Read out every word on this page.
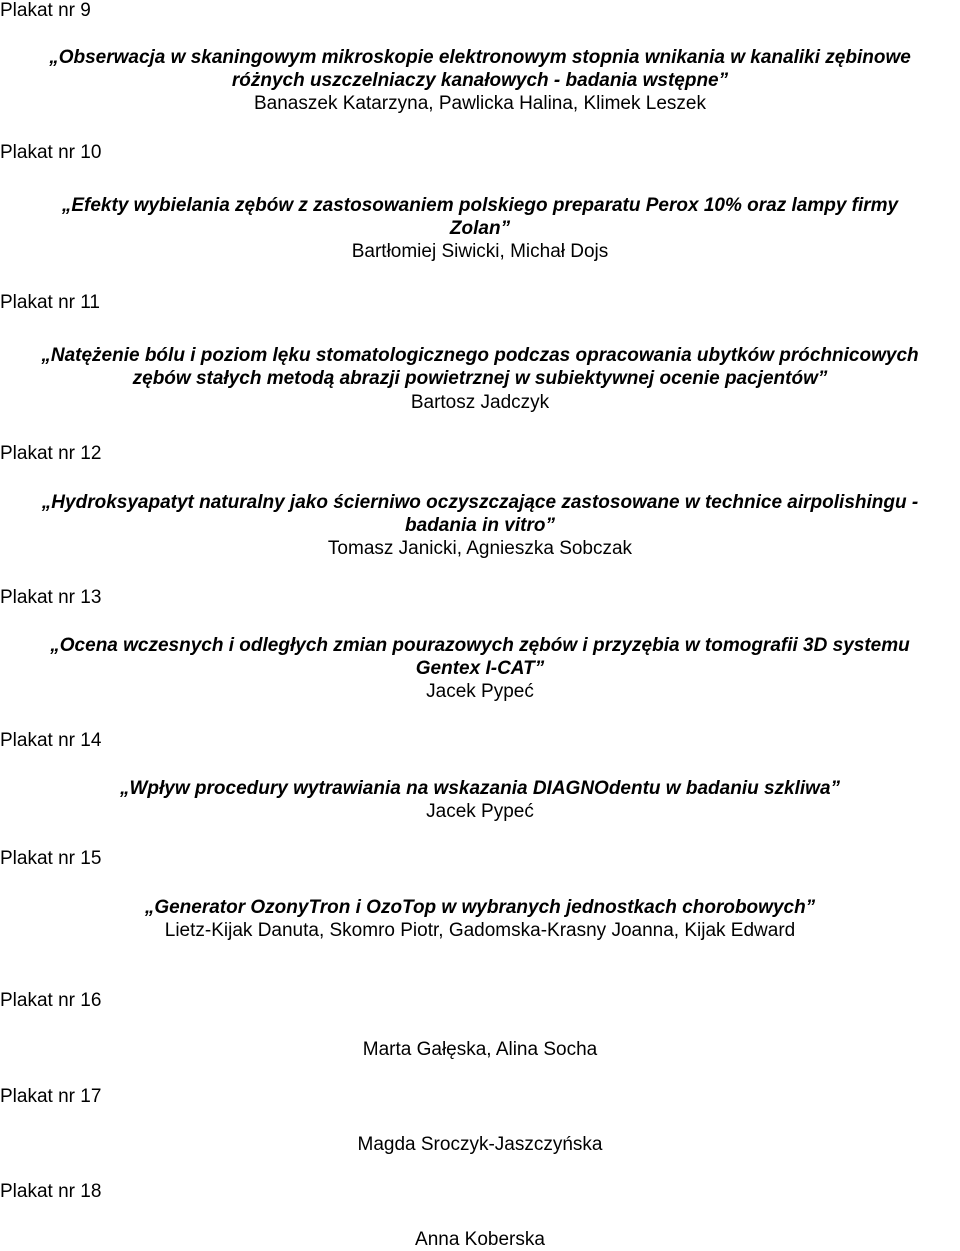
Plakat nr 9
„Obserwacja w skaningowym mikroskopie elektronowym stopnia wnikania w kanaliki zębinowe
różnych uszczelniaczy kanałowych - badania wstępne”
Banaszek Katarzyna, Pawlicka Halina, Klimek Leszek
Plakat nr 10
„Efekty wybielania zębów z zastosowaniem polskiego preparatu Perox 10% oraz lampy firmy
Zolan”
Bartłomiej Siwicki, Michał Dojs
Plakat nr 11
„Natężenie bólu i poziom lęku stomatologicznego podczas opracowania ubytków próchnicowych
zębów stałych metodą abrazji powietrznej w subiektywnej ocenie pacjentów”
Bartosz Jadczyk
Plakat nr 12
„Hydroksyapatyt naturalny jako ścierniwo oczyszczające zastosowane w technice airpolishingu -
badania in vitro”
Tomasz Janicki, Agnieszka Sobczak
Plakat nr 13
„Ocena wczesnych i odległych zmian pourazowych zębów i przyzębia w tomografii 3D systemu
Gentex I-CAT”
Jacek Pypeć
Plakat nr 14
„Wpływ procedury wytrawiania na wskazania DIAGNOdentu w badaniu szkliwa”
Jacek Pypeć
Plakat nr 15
„Generator OzonyTron i OzoTop w wybranych jednostkach chorobowych”
Lietz-Kijak Danuta, Skomro Piotr, Gadomska-Krasny Joanna, Kijak Edward
Plakat nr 16
Marta Gałęska, Alina Socha
Plakat nr 17
Magda Sroczyk-Jaszczyńska
Plakat nr 18
Anna Koberska
